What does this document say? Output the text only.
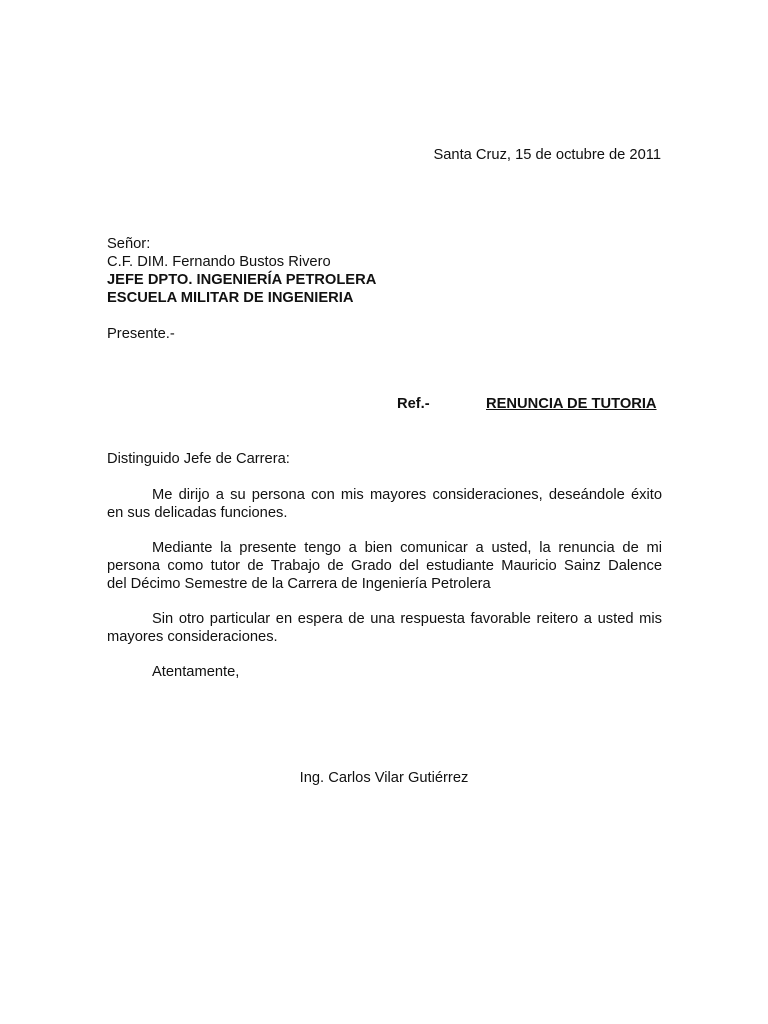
Santa Cruz, 15 de octubre de 2011
Señor:
C.F. DIM. Fernando Bustos Rivero
JEFE DPTO. INGENIERÍA PETROLERA
ESCUELA MILITAR DE INGENIERIA
Presente.-
Ref.-	RENUNCIA DE TUTORIA
Distinguido Jefe de Carrera:
Me dirijo a su persona con mis mayores consideraciones, deseándole éxito
en sus delicadas funciones.
Mediante la presente tengo a bien comunicar a usted, la renuncia de mi
persona como tutor de Trabajo de Grado del estudiante Mauricio Sainz Dalence
del Décimo Semestre de la Carrera de Ingeniería Petrolera
Sin otro particular en espera de una respuesta favorable reitero a usted mis
mayores consideraciones.
Atentamente,
Ing. Carlos Vilar Gutiérrez
